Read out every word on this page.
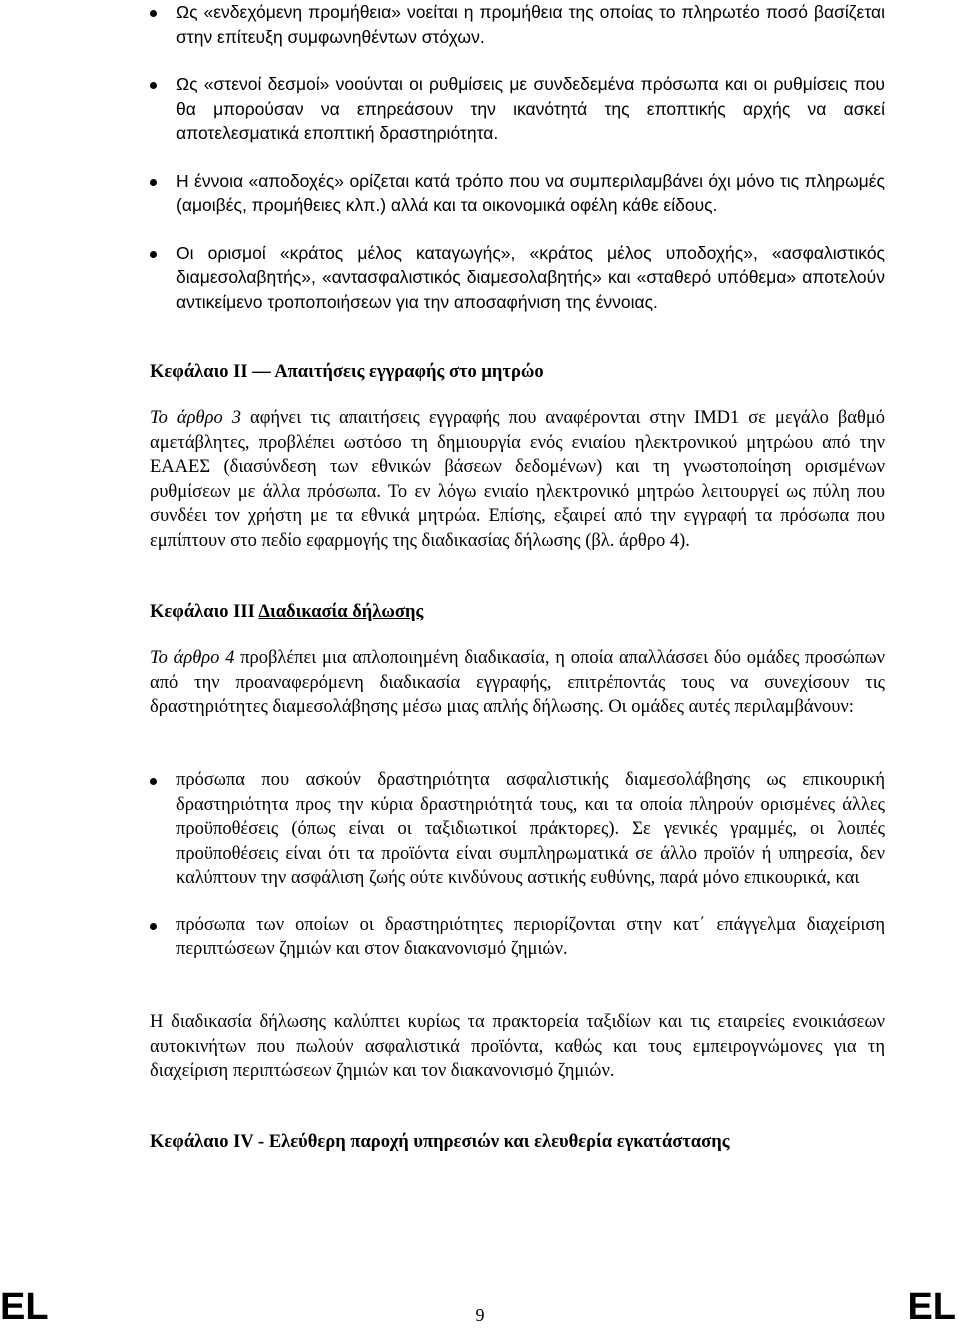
Ως «ενδεχόμενη προμήθεια» νοείται η προμήθεια της οποίας το πληρωτέο ποσό βασίζεται στην επίτευξη συμφωνηθέντων στόχων.
Ως «στενοί δεσμοί» νοούνται οι ρυθμίσεις με συνδεδεμένα πρόσωπα και οι ρυθμίσεις που θα μπορούσαν να επηρεάσουν την ικανότητά της εποπτικής αρχής να ασκεί αποτελεσματικά εποπτική δραστηριότητα.
Η έννοια «αποδοχές» ορίζεται κατά τρόπο που να συμπεριλαμβάνει όχι μόνο τις πληρωμές (αμοιβές, προμήθειες κλπ.) αλλά και τα οικονομικά οφέλη κάθε είδους.
Οι ορισμοί «κράτος μέλος καταγωγής», «κράτος μέλος υποδοχής», «ασφαλιστικός διαμεσολαβητής», «αντασφαλιστικός διαμεσολαβητής» και «σταθερό υπόθεμα» αποτελούν αντικείμενο τροποποιήσεων για την αποσαφήνιση της έννοιας.
Κεφάλαιο ΙΙ — Απαιτήσεις εγγραφής στο μητρώο

Το άρθρο 3 αφήνει τις απαιτήσεις εγγραφής που αναφέρονται στην IMD1 σε μεγάλο βαθμό αμετάβλητες, προβλέπει ωστόσο τη δημιουργία ενός ενιαίου ηλεκτρονικού μητρώου από την ΕΑΑΕΣ (διασύνδεση των εθνικών βάσεων δεδομένων) και τη γνωστοποίηση ορισμένων ρυθμίσεων με άλλα πρόσωπα. Το εν λόγω ενιαίο ηλεκτρονικό μητρώο λειτουργεί ως πύλη που συνδέει τον χρήστη με τα εθνικά μητρώα. Επίσης, εξαιρεί από την εγγραφή τα πρόσωπα που εμπίπτουν στο πεδίο εφαρμογής της διαδικασίας δήλωσης (βλ. άρθρο 4).

Κεφάλαιο ΙΙΙ Διαδικασία δήλωσης

Το άρθρο 4 προβλέπει μια απλοποιημένη διαδικασία, η οποία απαλλάσσει δύο ομάδες προσώπων από την προαναφερόμενη διαδικασία εγγραφής, επιτρέποντάς τους να συνεχίσουν τις δραστηριότητες διαμεσολάβησης μέσω μιας απλής δήλωσης. Οι ομάδες αυτές περιλαμβάνουν:

πρόσωπα που ασκούν δραστηριότητα ασφαλιστικής διαμεσολάβησης ως επικουρική δραστηριότητα προς την κύρια δραστηριότητά τους, και τα οποία πληρούν ορισμένες άλλες προϋποθέσεις (όπως είναι οι ταξιδιωτικοί πράκτορες). Σε γενικές γραμμές, οι λοιπές προϋποθέσεις είναι ότι τα προϊόντα είναι συμπληρωματικά σε άλλο προϊόν ή υπηρεσία, δεν καλύπτουν την ασφάλιση ζωής ούτε κινδύνους αστικής ευθύνης, παρά μόνο επικουρικά, και
πρόσωπα των οποίων οι δραστηριότητες περιορίζονται στην κατ΄ επάγγελμα διαχείριση περιπτώσεων ζημιών και στον διακανονισμό ζημιών.

Η διαδικασία δήλωσης καλύπτει κυρίως τα πρακτορεία ταξιδίων και τις εταιρείες ενοικιάσεων αυτοκινήτων που πωλούν ασφαλιστικά προϊόντα, καθώς και τους εμπειρογνώμονες για τη διαχείριση περιπτώσεων ζημιών και τον διακανονισμό ζημιών.

Κεφάλαιο IV - Ελεύθερη παροχή υπηρεσιών και ελευθερία εγκατάστασης
EL	9	EL
